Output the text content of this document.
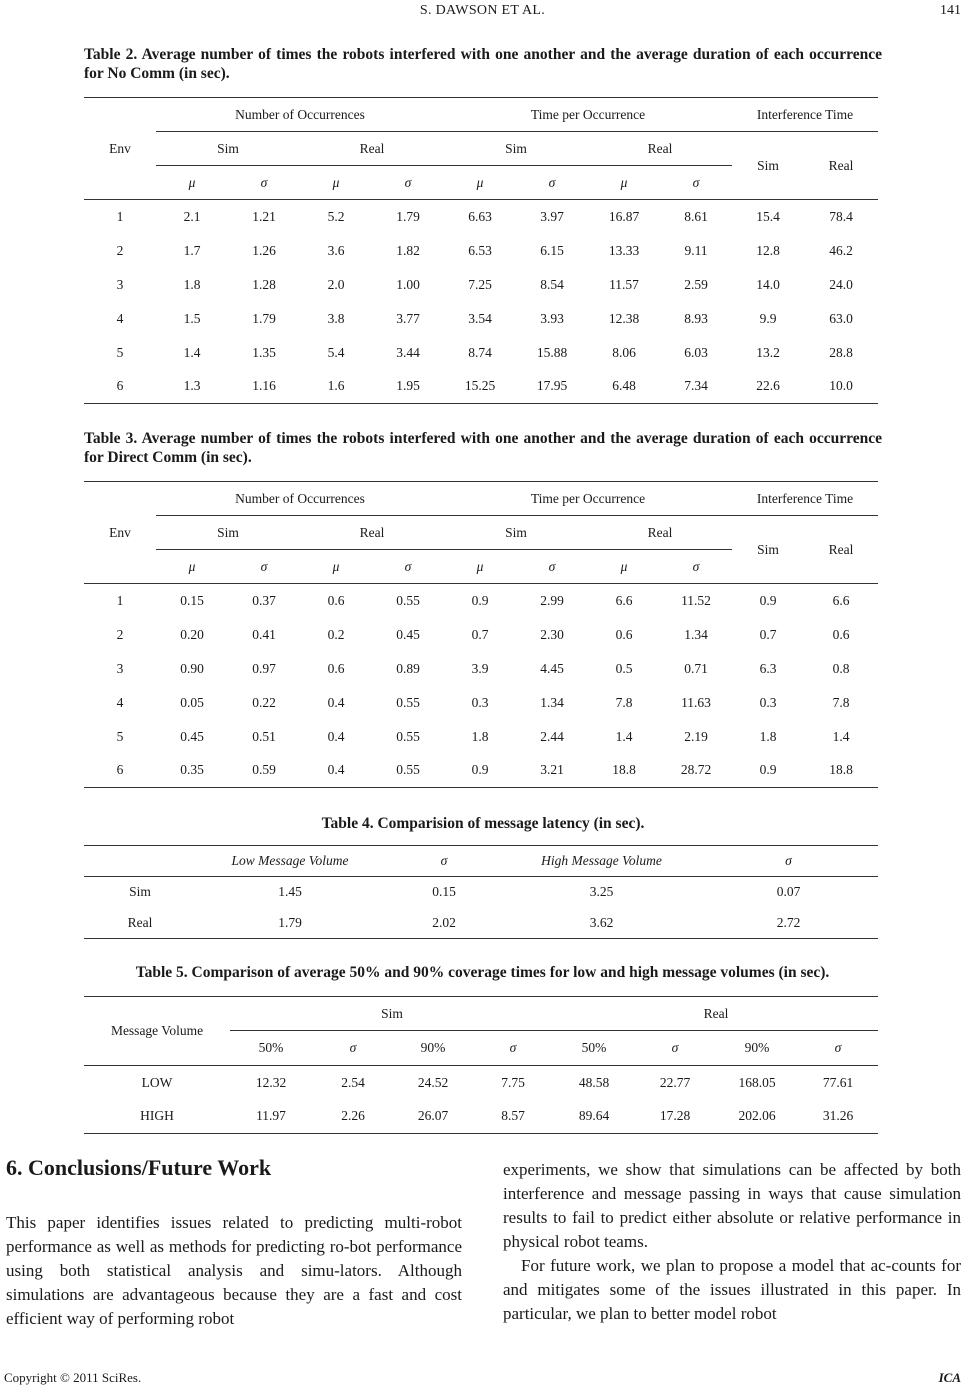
S. DAWSON ET AL.	141
Table 2. Average number of times the robots interfered with one another and the average duration of each occurrence for No Comm (in sec).
Env	Number of Occurrences				Time per Occurrence				Interference Time	
	Sim		Real		Sim		Real		Sim	Real
	μ	σ	μ	σ	μ	σ	μ	σ		
1	2.1	1.21	5.2	1.79	6.63	3.97	16.87	8.61	15.4	78.4
2	1.7	1.26	3.6	1.82	6.53	6.15	13.33	9.11	12.8	46.2
3	1.8	1.28	2.0	1.00	7.25	8.54	11.57	2.59	14.0	24.0
4	1.5	1.79	3.8	3.77	3.54	3.93	12.38	8.93	9.9	63.0
5	1.4	1.35	5.4	3.44	8.74	15.88	8.06	6.03	13.2	28.8
6	1.3	1.16	1.6	1.95	15.25	17.95	6.48	7.34	22.6	10.0
Table 3. Average number of times the robots interfered with one another and the average duration of each occurrence for Direct Comm (in sec).
Env	Number of Occurrences				Time per Occurrence				Interference Time	
	Sim		Real		Sim		Real		Sim	Real
	μ	σ	μ	σ	μ	σ	μ	σ		
1	0.15	0.37	0.6	0.55	0.9	2.99	6.6	11.52	0.9	6.6
2	0.20	0.41	0.2	0.45	0.7	2.30	0.6	1.34	0.7	0.6
3	0.90	0.97	0.6	0.89	3.9	4.45	0.5	0.71	6.3	0.8
4	0.05	0.22	0.4	0.55	0.3	1.34	7.8	11.63	0.3	7.8
5	0.45	0.51	0.4	0.55	1.8	2.44	1.4	2.19	1.8	1.4
6	0.35	0.59	0.4	0.55	0.9	3.21	18.8	28.72	0.9	18.8
Table 4. Comparision of message latency (in sec).
	Low Message Volume	σ	High Message Volume	σ
Sim	1.45	0.15	3.25	0.07
Real	1.79	2.02	3.62	2.72
Table 5. Comparison of average 50% and 90% coverage times for low and high message volumes (in sec).
Message Volume	Sim				Real			
	50%	σ	90%	σ	50%	σ	90%	σ
LOW	12.32	2.54	24.52	7.75	48.58	22.77	168.05	77.61
HIGH	11.97	2.26	26.07	8.57	89.64	17.28	202.06	31.26
6. Conclusions/Future Work
This paper identifies issues related to predicting multi-robot performance as well as methods for predicting ro-bot performance using both statistical analysis and simu-lators. Although simulations are advantageous because they are a fast and cost efficient way of performing robot
experiments, we show that simulations can be affected by both interference and message passing in ways that cause simulation results to fail to predict either absolute or relative performance in physical robot teams.
For future work, we plan to propose a model that ac-counts for and mitigates some of the issues illustrated in this paper. In particular, we plan to better model robot
Copyright © 2011 SciRes.	ICA
